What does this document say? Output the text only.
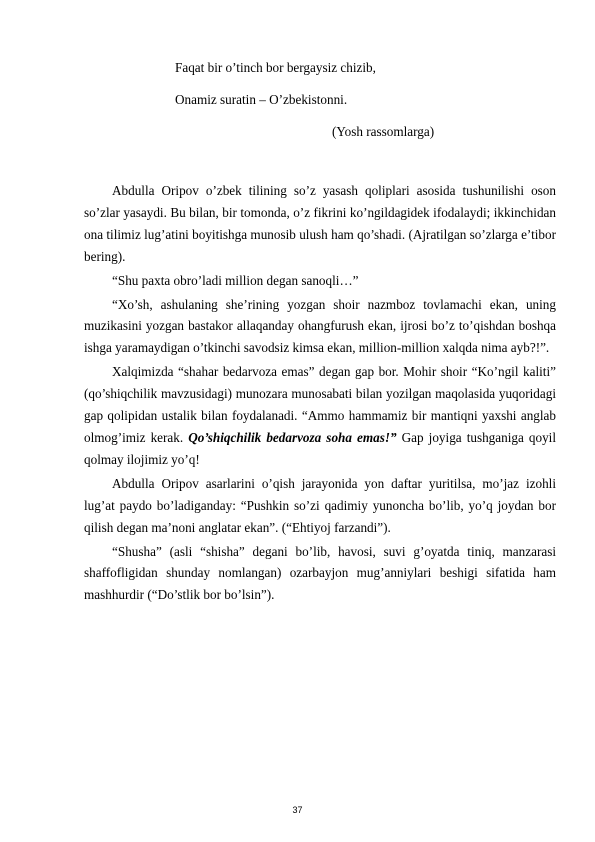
Faqat bir o’tinch bor bergaysiz chizib,
Onamiz suratin – O’zbekistonni.
(Yosh rassomlarga)

Abdulla Oripov o’zbek tilining so’z yasash qoliplari asosida tushunilishi oson so’zlar yasaydi. Bu bilan, bir tomonda, o’z fikrini ko’ngildagidek ifodalaydi; ikkinchidan ona tilimiz lug’atini boyitishga munosib ulush ham qo’shadi. (Ajratilgan so’zlarga e’tibor bering).

“Shu paxta obro’ladi million degan sanoqli…”

“Xo’sh, ashulaning she’rining yozgan shoir nazmboz tovlamachi ekan, uning muzikasini yozgan bastakor allaqanday ohangfurush ekan, ijrosi bo’z to’qishdan boshqa ishga yaramaydigan o’tkinchi savodsiz kimsa ekan, million-million xalqda nima ayb?!”.

Xalqimizda “shahar bedarvoza emas” degan gap bor. Mohir shoir “Ko’ngil kaliti” (qo’shiqchilik mavzusidagi) munozara munosabati bilan yozilgan maqolasida yuqoridagi gap qolipidan ustalik bilan foydalanadi. “Ammo hammamiz bir mantiqni yaxshi anglab olmog’imiz kerak. Qo’shiqchilik bedarvoza soha emas!” Gap joyiga tushganiga qoyil qolmay ilojimiz yo’q!

Abdulla Oripov asarlarini o’qish jarayonida yon daftar yuritilsa, mo’jaz izohli lug’at paydo bo’ladiganday: “Pushkin so’zi qadimiy yunoncha bo’lib, yo’q joydan bor qilish degan ma’noni anglatar ekan”. (“Ehtiyoj farzandi”).

“Shusha” (asli “shisha” degani bo’lib, havosi, suvi g’oyatda tiniq, manzarasi shaffofligidan shunday nomlangan) ozarbayjon mug’anniylari beshigi sifatida ham mashhurdir (“Do’stlik bor bo’lsin”).

37
